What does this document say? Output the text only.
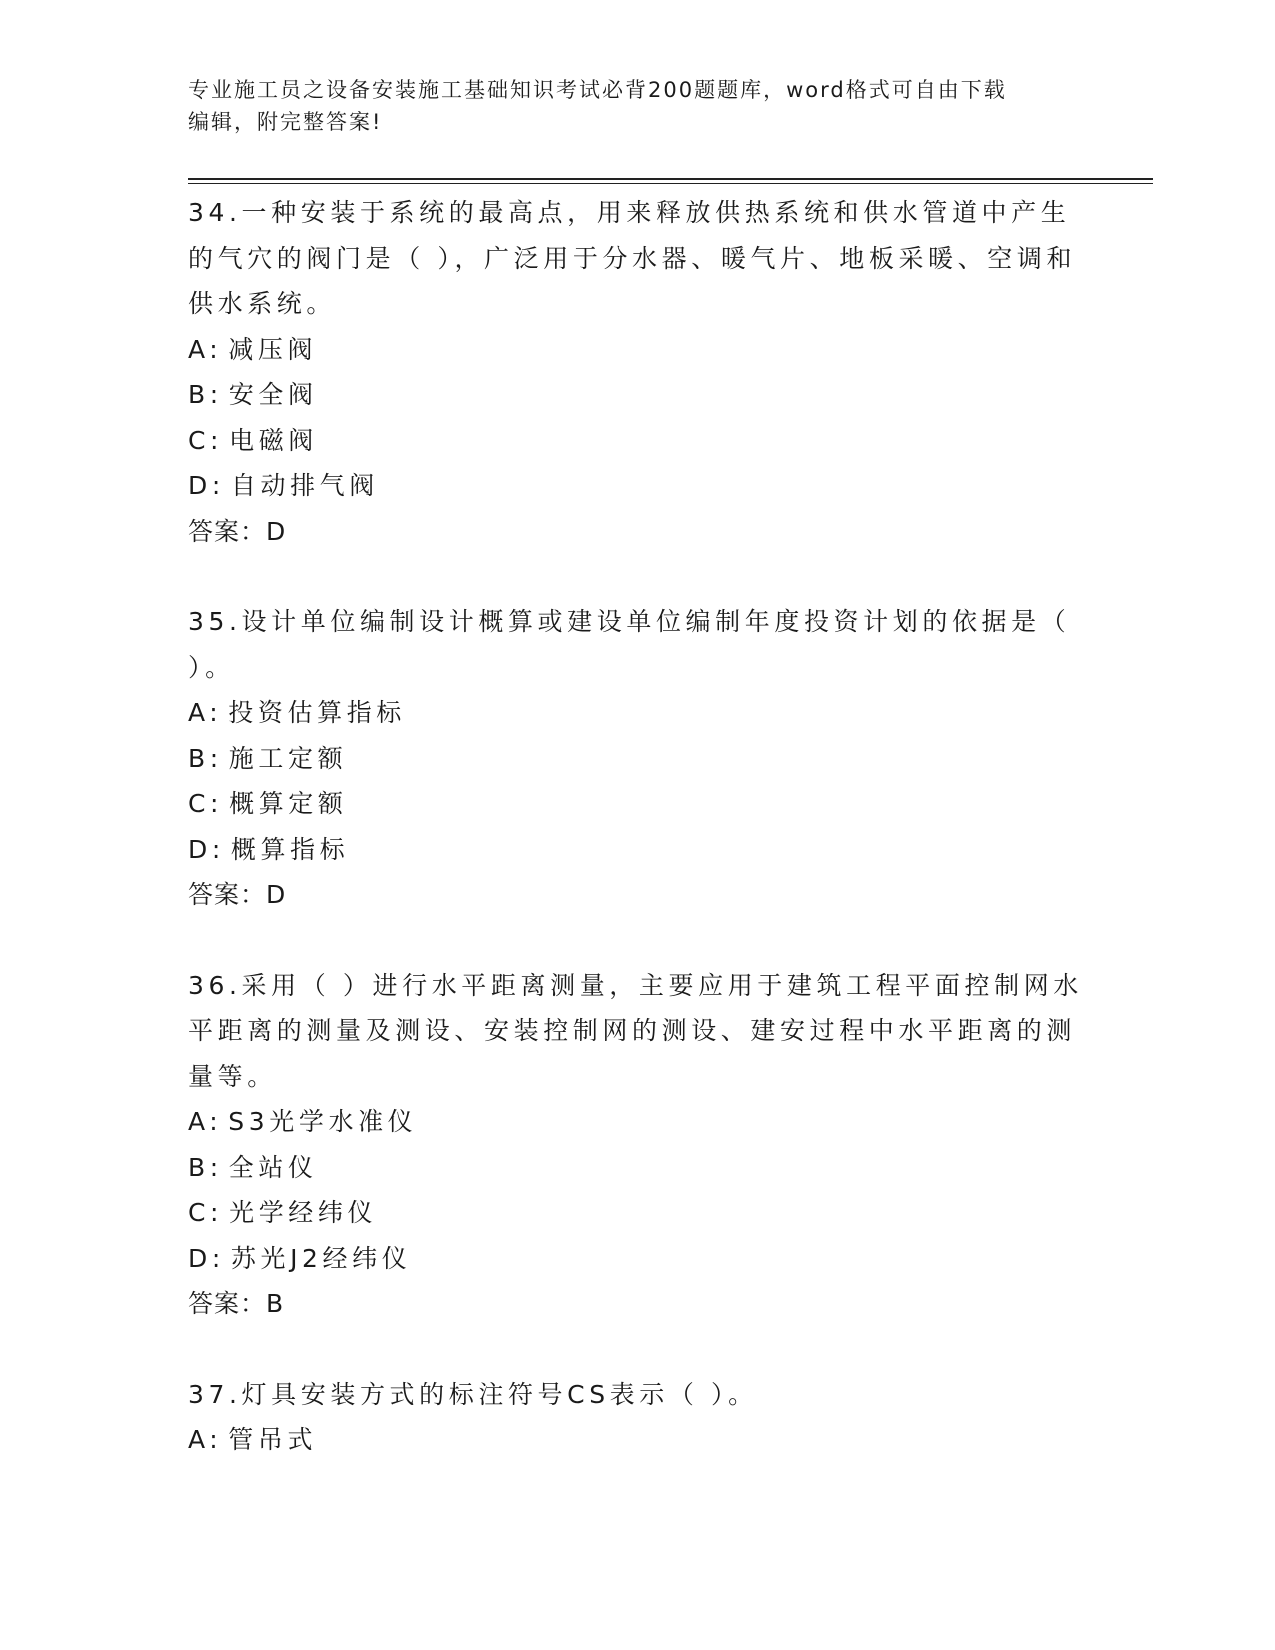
专业施工员之设备安装施工基础知识考试必背200题题库，word格式可自由下载
编辑，附完整答案!

34.一种安装于系统的最高点，用来释放供热系统和供水管道中产生的气穴的阀门是（ ），广泛用于分水器、暖气片、地板采暖、空调和供水系统。

A: 减压阀

B: 安全阀

C: 电磁阀

D: 自动排气阀

答案：D

35.设计单位编制设计概算或建设单位编制年度投资计划的依据是（ ）。

A: 投资估算指标

B: 施工定额

C: 概算定额

D: 概算指标

答案：D

36.采用（ ）进行水平距离测量，主要应用于建筑工程平面控制网水平距离的测量及测设、安装控制网的测设、建安过程中水平距离的测量等。

A: S3光学水准仪

B: 全站仪

C: 光学经纬仪

D: 苏光J2经纬仪

答案：B

37.灯具安装方式的标注符号CS表示（ ）。

A: 管吊式
